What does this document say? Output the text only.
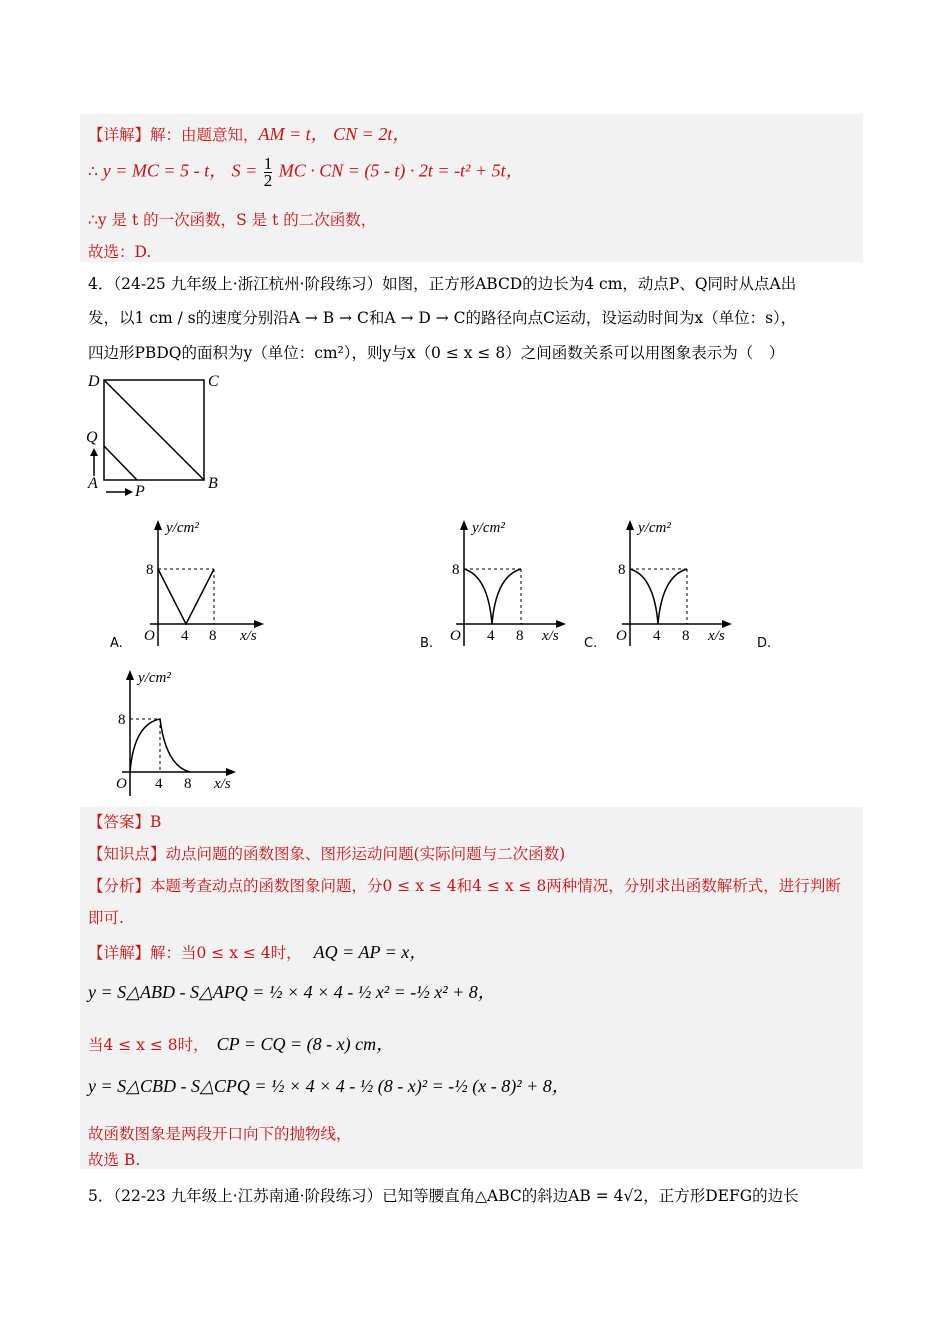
【详解】解：由题意知，AM = t， CN = 2t，
∴ y = MC = 5 - t， $S = \frac{1}{2}$ MC · CN = (5 - t) · 2t = -t² + 5t，
∴y 是 t 的一次函数，S 是 t 的二次函数，
故选：D.
4．（24-25 九年级上·浙江杭州·阶段练习）如图，正方形ABCD的边长为4 cm，动点P、Q同时从点A出
发，以1 cm / s的速度分别沿A → B → C和A → D → C的路径向点C运动，设运动时间为x（单位：s），
四边形PBDQ的面积为y（单位：cm²），则y与x（0 ≤ x ≤ 8）之间函数关系可以用图象表示为（　）
D	C
Q
A P	B
y/cm²
8
O 4 8 x/s
A.
y/cm²
8
O 4 8 x/s
B.
y/cm²
8
O 4 8 x/s
C.	D.
y/cm²
8
O 4 8 x/s
【答案】B
【知识点】动点问题的函数图象、图形运动问题(实际问题与二次函数)
【分析】本题考查动点的函数图象问题，分0 ≤ x ≤ 4和4 ≤ x ≤ 8两种情况，分别求出函数解析式，进行判断
即可.
【详解】解：当0 ≤ x ≤ 4时， AQ = AP = x，
y = S△ABD - S△APQ = ½ × 4 × 4 - ½ x² = -½ x² + 8，
当4 ≤ x ≤ 8时， CP = CQ = (8 - x) cm，
y = S△CBD - S△CPQ = ½ × 4 × 4 - ½ (8 - x)² = -½ (x - 8)² + 8，
故函数图象是两段开口向下的抛物线，
故选 B.
5．（22-23 九年级上·江苏南通·阶段练习）已知等腰直角△ABC的斜边AB = 4√2，正方形DEFG的边长
